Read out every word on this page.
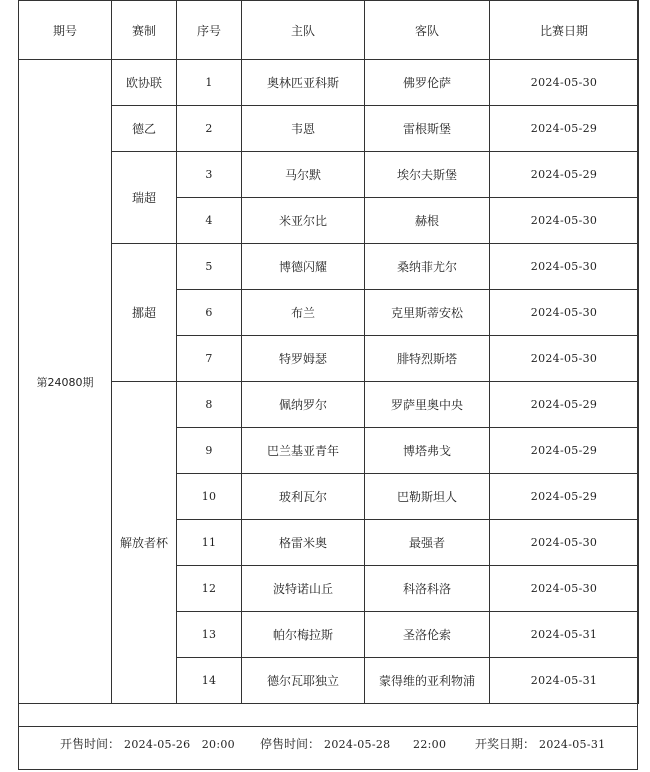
期号	赛制	序号	主队	客队	比赛日期
第24080期	欧协联	1	奥林匹亚科斯	佛罗伦萨	2024-05-30
	德乙	2	韦恩	雷根斯堡	2024-05-29
	瑞超	3	马尔默	埃尔夫斯堡	2024-05-29
		4	米亚尔比	赫根	2024-05-30
	挪超	5	博德闪耀	桑纳菲尤尔	2024-05-30
		6	布兰	克里斯蒂安松	2024-05-30
		7	特罗姆瑟	腓特烈斯塔	2024-05-30
	解放者杯	8	佩纳罗尔	罗萨里奥中央	2024-05-29
		9	巴兰基亚青年	博塔弗戈	2024-05-29
		10	玻利瓦尔	巴勒斯坦人	2024-05-29
		11	格雷米奥	最强者	2024-05-30
		12	波特诺山丘	科洛科洛	2024-05-30
		13	帕尔梅拉斯	圣洛伦索	2024-05-31
		14	德尔瓦耶独立	蒙得维的亚利物浦	2024-05-31
开售时间： 2024-05-26　20:00 停售时间： 2024-05-28　　22:00 开奖日期： 2024-05-31
